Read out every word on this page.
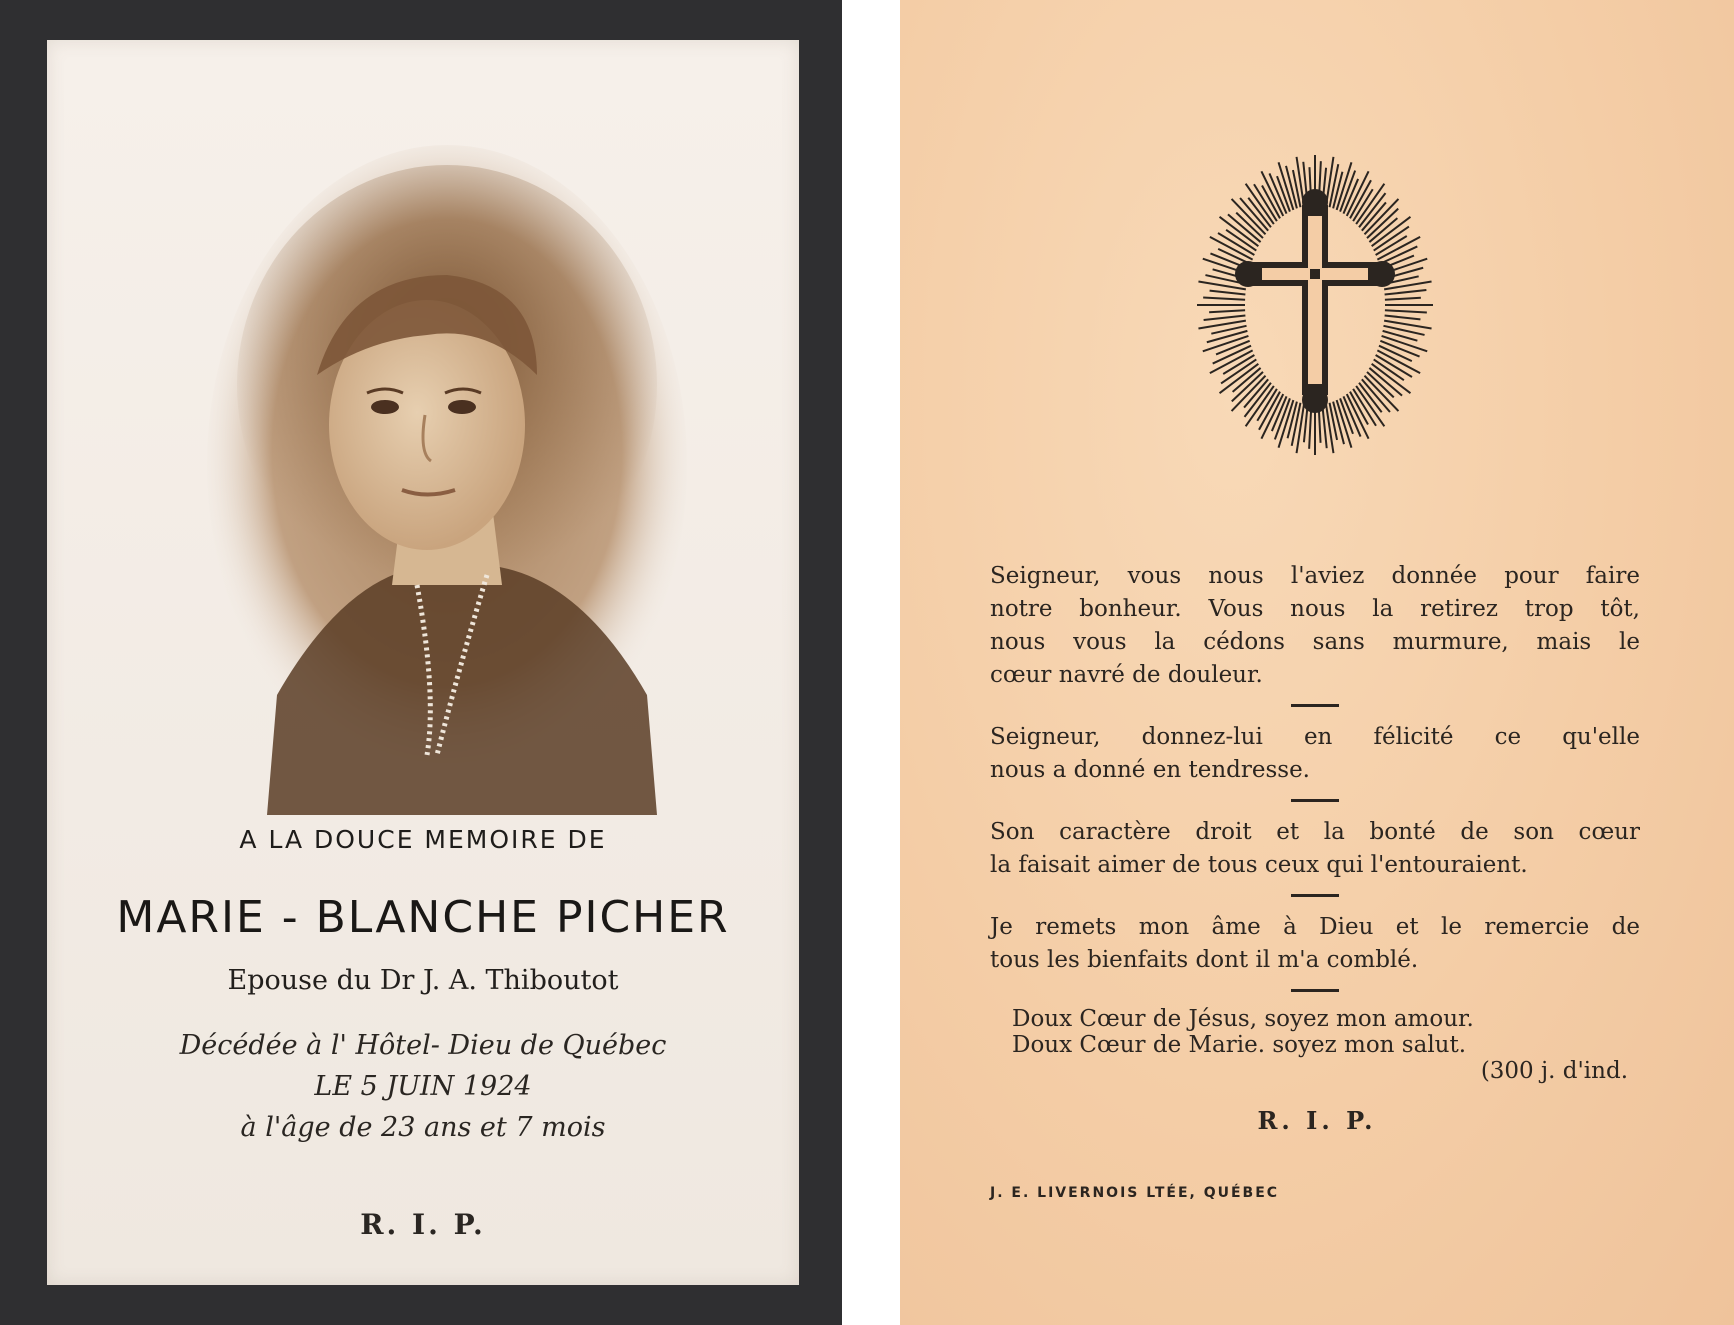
A LA DOUCE MEMOIRE DE
MARIE - BLANCHE PICHER
Epouse du Dr J. A. Thiboutot
Décédée à l' Hôtel- Dieu de Québec
LE 5 JUIN 1924
à l'âge de 23 ans et 7 mois
R. I. P.

Seigneur, vous nous l'aviez donnée pour faire

notre bonheur. Vous nous la retirez trop tôt,

nous vous la cédons sans murmure, mais le

cœur navré de douleur.

Seigneur, donnez-lui en félicité ce qu'elle

nous a donné en tendresse.

Son caractère droit et la bonté de son cœur

la faisait aimer de tous ceux qui l'entouraient.

Je remets mon âme à Dieu et le remercie de

tous les bienfaits dont il m'a comblé.

Doux Cœur de Jésus, soyez mon amour.

Doux Cœur de Marie. soyez mon salut.

(300 j. d'ind.

R. I. P.
J. E. LIVERNOIS LTÉE, QUÉBEC
